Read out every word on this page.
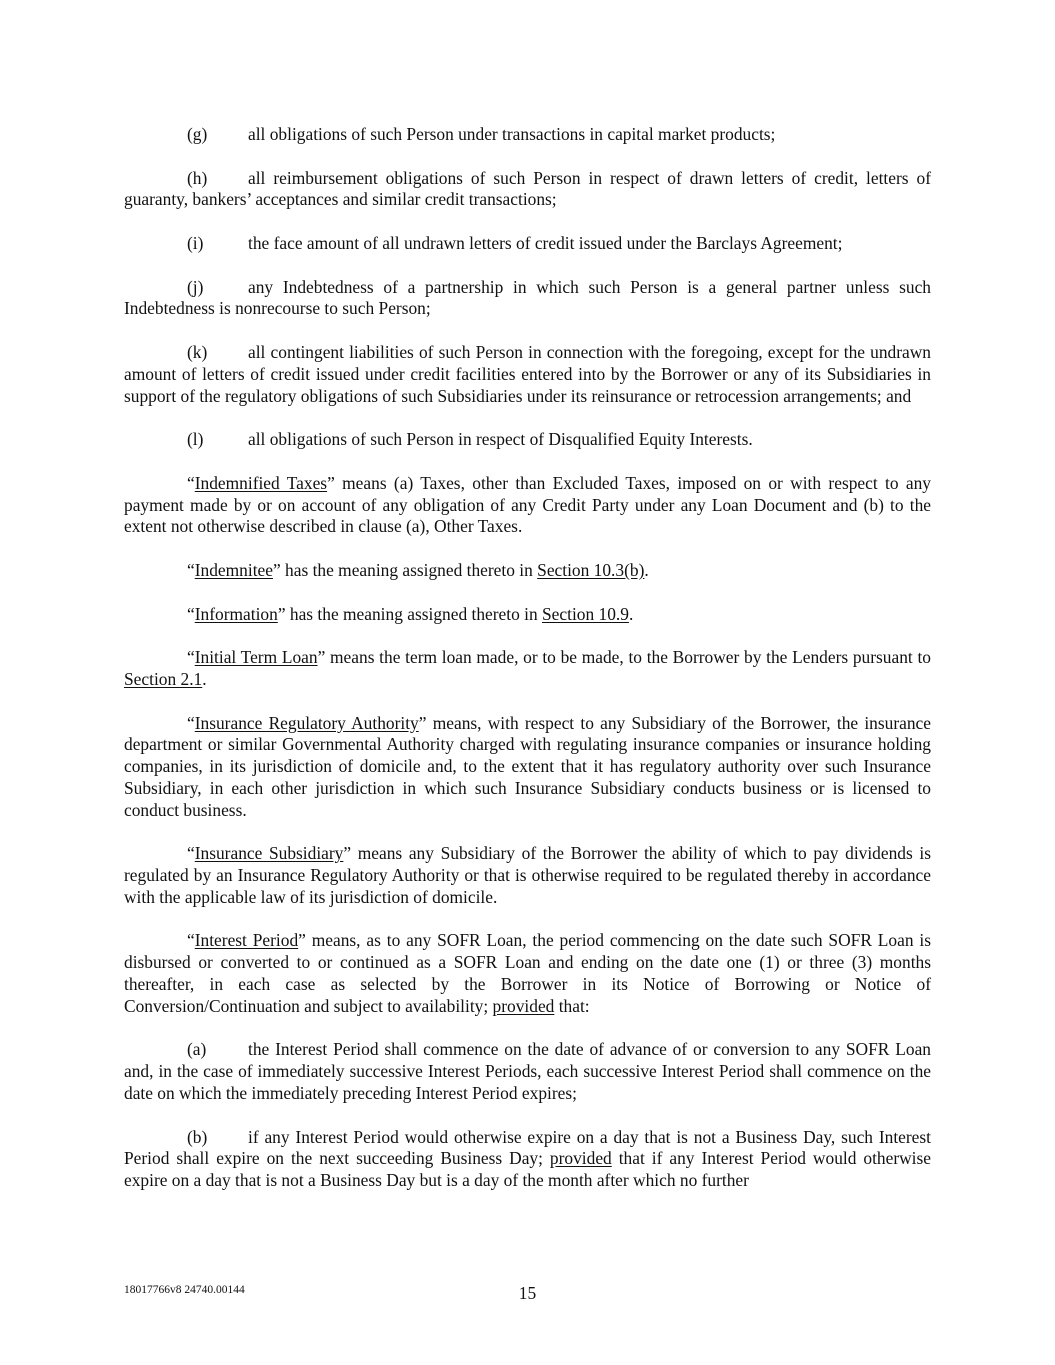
(g) all obligations of such Person under transactions in capital market products;

(h) all reimbursement obligations of such Person in respect of drawn letters of credit, letters of guaranty, bankers’ acceptances and similar credit transactions;

(i)	the face amount of all undrawn letters of credit issued under the Barclays Agreement;

(j)	any Indebtedness of a partnership in which such Person is a general partner unless such Indebtedness is nonrecourse to such Person;

(k) all contingent liabilities of such Person in connection with the foregoing, except for the undrawn amount of letters of credit issued under credit facilities entered into by the Borrower or any of its Subsidiaries in support of the regulatory obligations of such Subsidiaries under its reinsurance or retrocession arrangements; and

(l)	all obligations of such Person in respect of Disqualified Equity Interests.

“Indemnified Taxes” means (a) Taxes, other than Excluded Taxes, imposed on or with respect to any payment made by or on account of any obligation of any Credit Party under any Loan Document and (b) to the extent not otherwise described in clause (a), Other Taxes.

“Indemnitee” has the meaning assigned thereto in Section 10.3(b).

“Information” has the meaning assigned thereto in Section 10.9.

“Initial Term Loan” means the term loan made, or to be made, to the Borrower by the Lenders pursuant to Section 2.1.

“Insurance Regulatory Authority” means, with respect to any Subsidiary of the Borrower, the insurance department or similar Governmental Authority charged with regulating insurance companies or insurance holding companies, in its jurisdiction of domicile and, to the extent that it has regulatory authority over such Insurance Subsidiary, in each other jurisdiction in which such Insurance Subsidiary conducts business or is licensed to conduct business.

“Insurance Subsidiary” means any Subsidiary of the Borrower the ability of which to pay dividends is regulated by an Insurance Regulatory Authority or that is otherwise required to be regulated thereby in accordance with the applicable law of its jurisdiction of domicile.

“Interest Period” means, as to any SOFR Loan, the period commencing on the date such SOFR Loan is disbursed or converted to or continued as a SOFR Loan and ending on the date one (1) or three (3) months thereafter, in each case as selected by the Borrower in its Notice of Borrowing or Notice of Conversion/Continuation and subject to availability; provided that:

(a) the Interest Period shall commence on the date of advance of or conversion to any SOFR Loan and, in the case of immediately successive Interest Periods, each successive Interest Period shall commence on the date on which the immediately preceding Interest Period expires;

(b) if any Interest Period would otherwise expire on a day that is not a Business Day, such Interest Period shall expire on the next succeeding Business Day; provided that if any Interest Period would otherwise expire on a day that is not a Business Day but is a day of the month after which no further

18017766v8 24740.00144	15
